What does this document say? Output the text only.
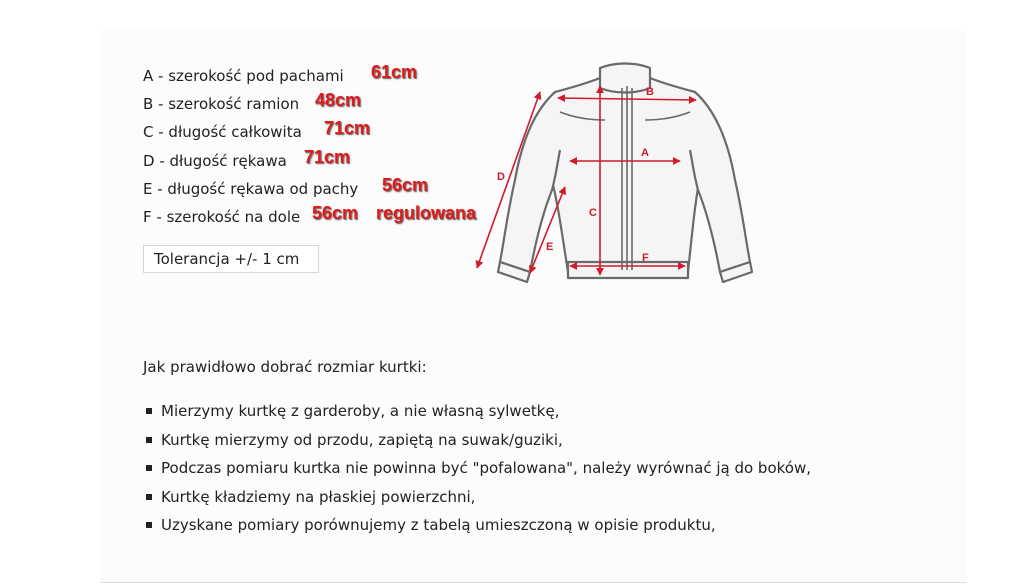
A - szerokość pod pachami 61cm
B - szerokość ramion 48cm
C - długość całkowita 71cm
D - długość rękawa 71cm
E - długość rękawa od pachy 56cm
F - szerokość na dole 56cm regulowana
Tolerancja +/- 1 cm
B
A
C
D
E
F
Jak prawidłowo dobrać rozmiar kurtki:
Mierzymy kurtkę z garderoby, a nie własną sylwetkę,
Kurtkę mierzymy od przodu, zapiętą na suwak/guziki,
Podczas pomiaru kurtka nie powinna być "pofalowana", należy wyrównać ją do boków,
Kurtkę kładziemy na płaskiej powierzchni,
Uzyskane pomiary porównujemy z tabelą umieszczoną w opisie produktu,
